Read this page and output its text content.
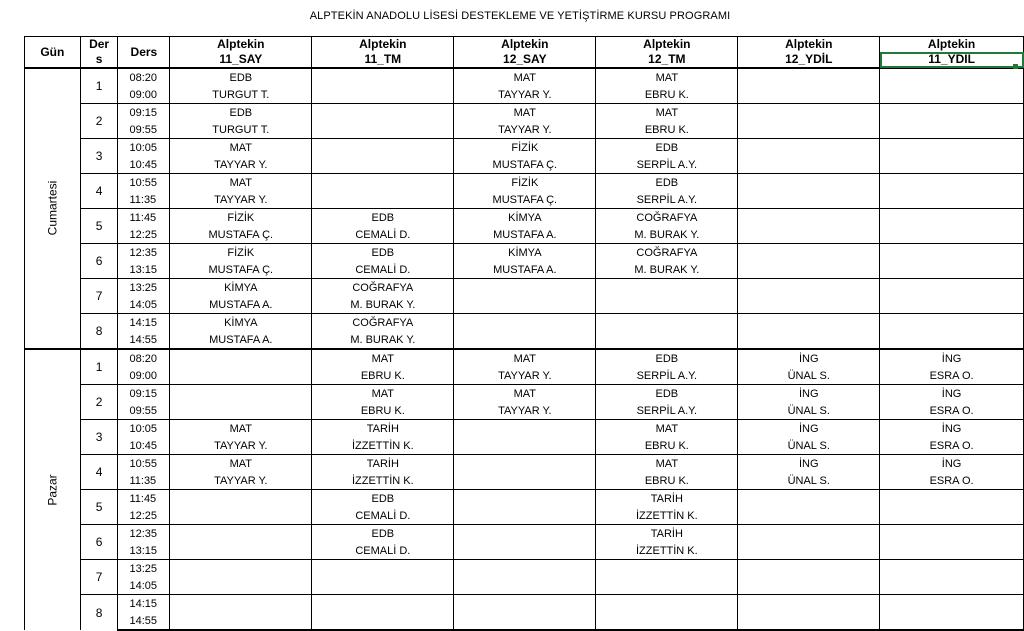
ALPTEKİN ANADOLU LİSESİ DESTEKLEME VE YETİŞTİRME KURSU PROGRAMI
Gün	Der	Ders	Alptekin	Alptekin	Alptekin	Alptekin	Alptekin	Alptekin
	s		11_SAY	11_TM	12_SAY	12_TM	12_YDİL	11_YDİL
Cumartesi	1	08:20	EDB		MAT	MAT		
		09:00	TURGUT T.		TAYYAR Y.	EBRU K.		
	2	09:15	EDB		MAT	MAT		
		09:55	TURGUT T.		TAYYAR Y.	EBRU K.		
	3	10:05	MAT		FİZİK	EDB		
		10:45	TAYYAR Y.		MUSTAFA Ç.	SERPİL A.Y.		
	4	10:55	MAT		FİZİK	EDB		
		11:35	TAYYAR Y.		MUSTAFA Ç.	SERPİL A.Y.		
	5	11:45	FİZİK	EDB	KİMYA	COĞRAFYA		
		12:25	MUSTAFA Ç.	CEMALİ D.	MUSTAFA A.	M. BURAK Y.		
	6	12:35	FİZİK	EDB	KİMYA	COĞRAFYA		
		13:15	MUSTAFA Ç.	CEMALİ D.	MUSTAFA A.	M. BURAK Y.		
	7	13:25	KİMYA	COĞRAFYA				
		14:05	MUSTAFA A.	M. BURAK Y.				
	8	14:15	KİMYA	COĞRAFYA				
		14:55	MUSTAFA A.	M. BURAK Y.				
Pazar	1	08:20		MAT	MAT	EDB	İNG	İNG
		09:00		EBRU K.	TAYYAR Y.	SERPİL A.Y.	ÜNAL S.	ESRA O.
	2	09:15		MAT	MAT	EDB	İNG	İNG
		09:55		EBRU K.	TAYYAR Y.	SERPİL A.Y.	ÜNAL S.	ESRA O.
	3	10:05	MAT	TARİH		MAT	İNG	İNG
		10:45	TAYYAR Y.	İZZETTİN K.		EBRU K.	ÜNAL S.	ESRA O.
	4	10:55	MAT	TARİH		MAT	İNG	İNG
		11:35	TAYYAR Y.	İZZETTİN K.		EBRU K.	ÜNAL S.	ESRA O.
	5	11:45		EDB		TARİH		
		12:25		CEMALİ D.		İZZETTİN K.		
	6	12:35		EDB		TARİH		
		13:15		CEMALİ D.		İZZETTİN K.		
	7	13:25						
		14:05						
	8	14:15						
		14:55						
